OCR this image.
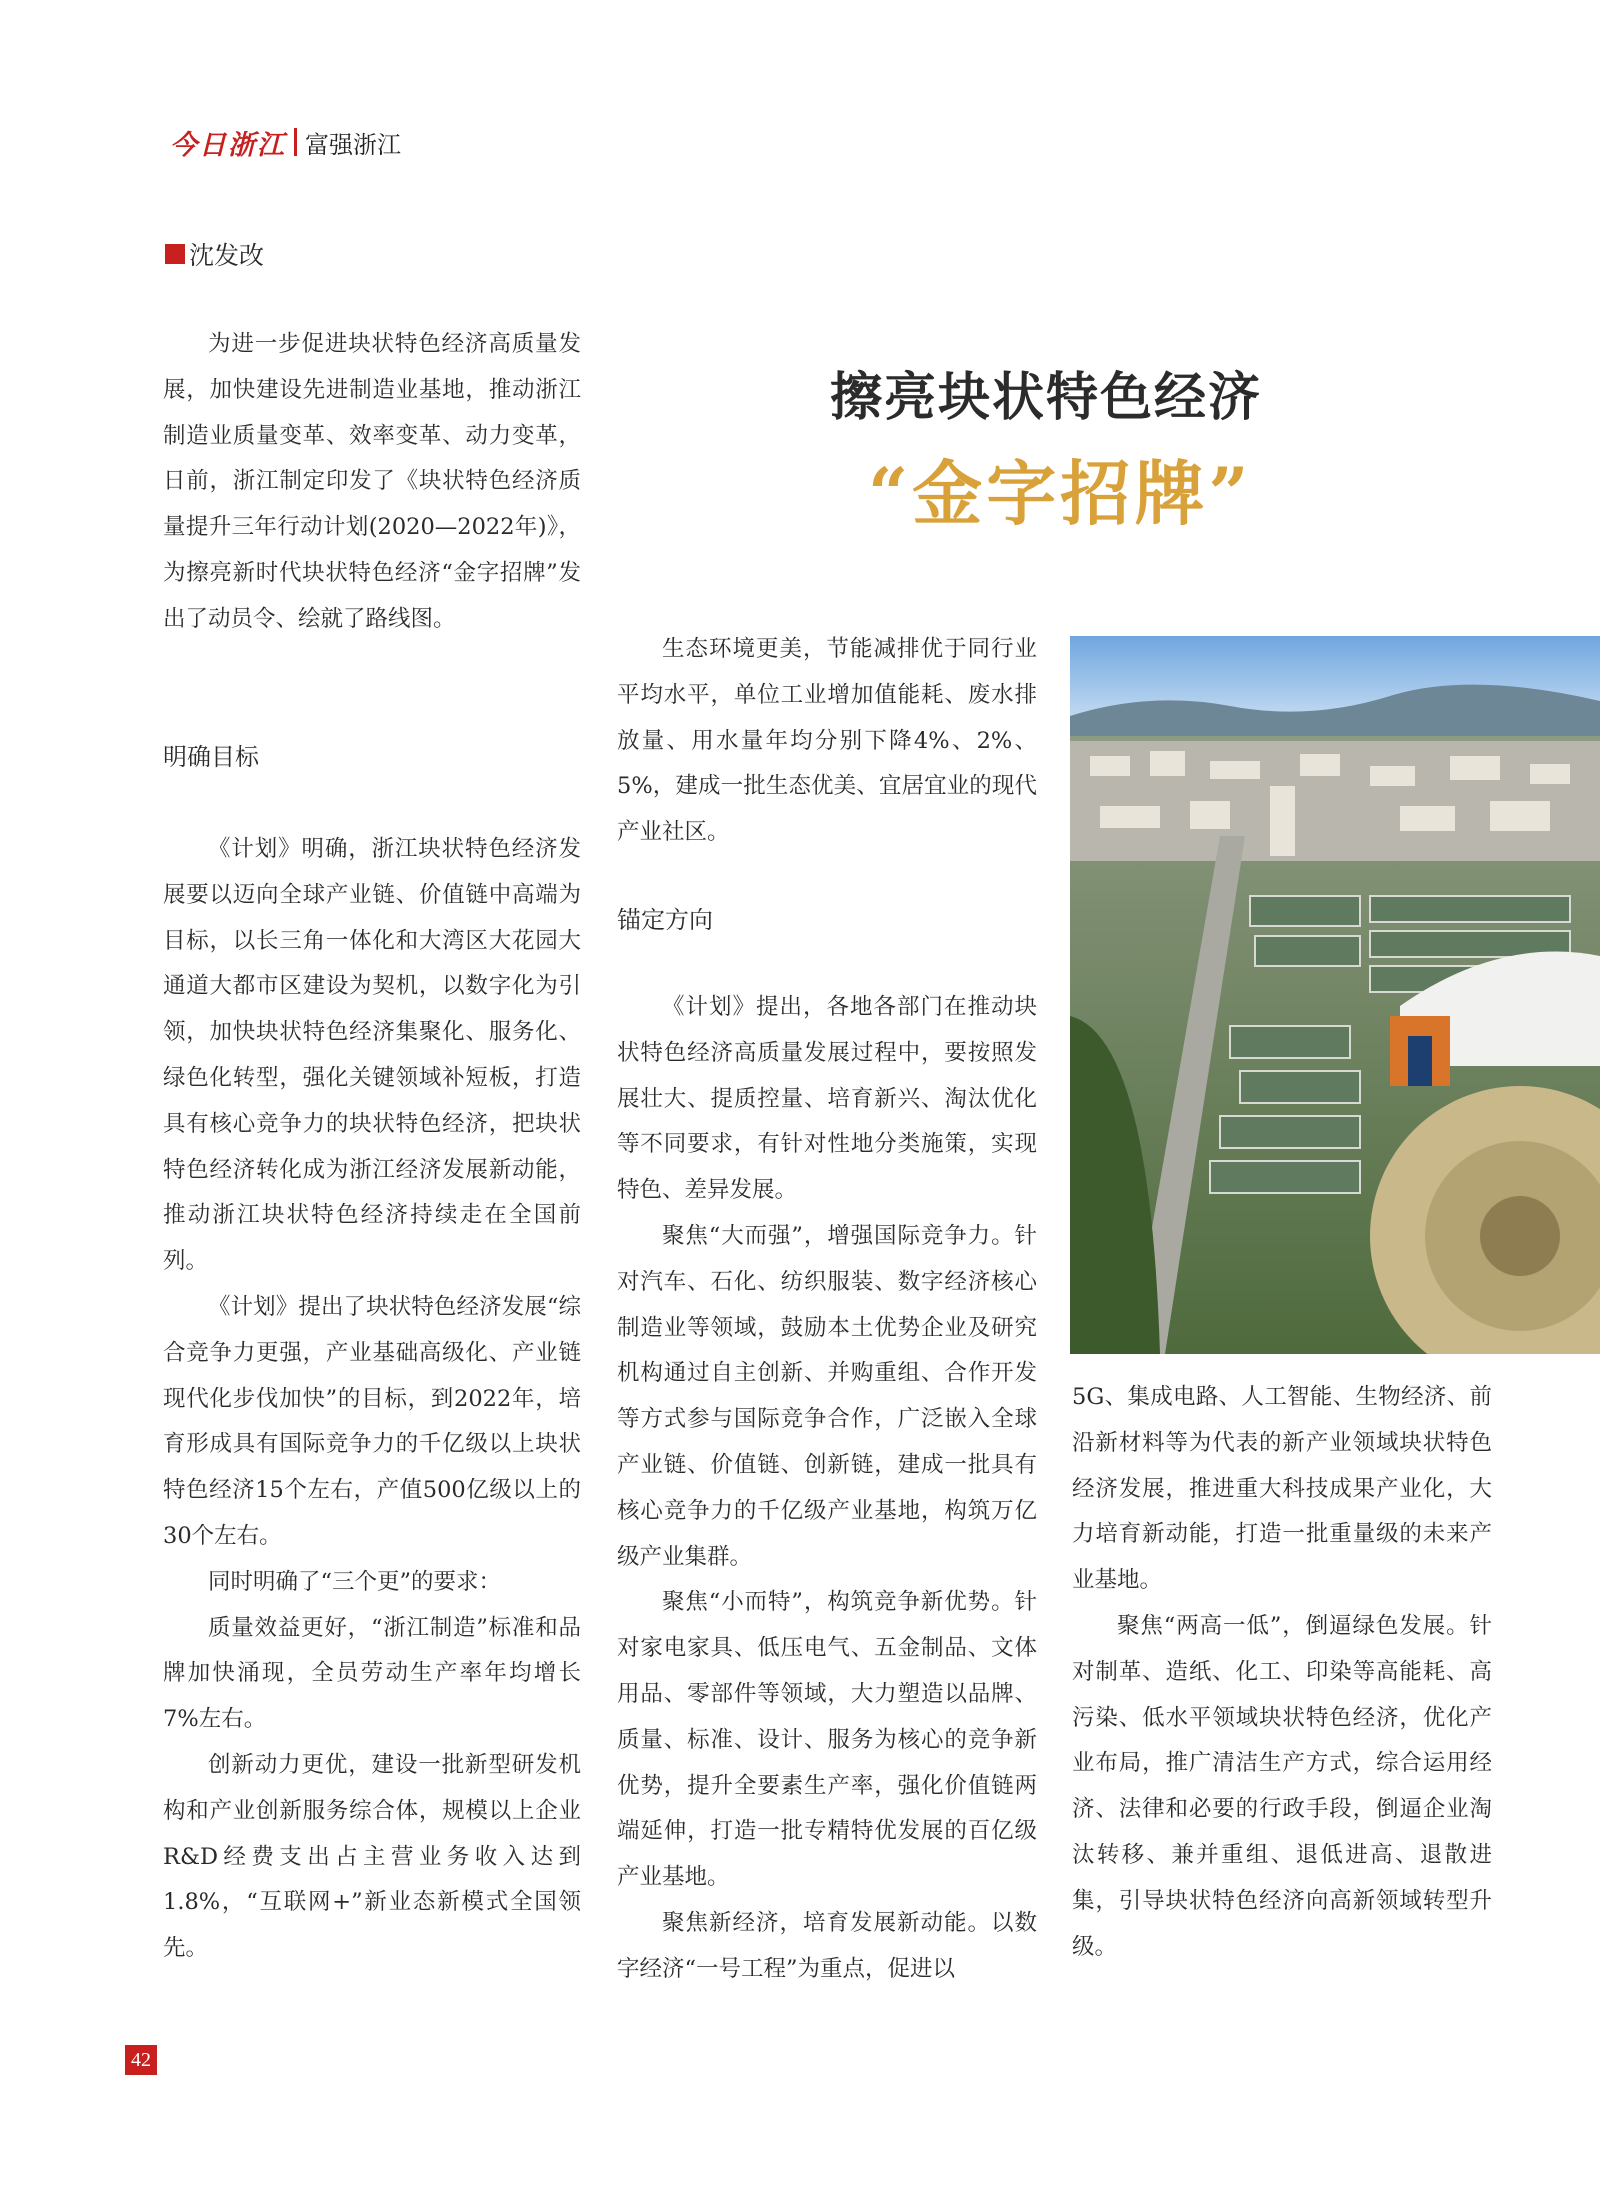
今日浙江 富强浙江
沈发改
擦亮块状特色经济
“金字招牌”

为进一步促进块状特色经济高质量发展，加快建设先进制造业基地，推动浙江制造业质量变革、效率变革、动力变革，日前，浙江制定印发了《块状特色经济质量提升三年行动计划(2020—2022年)》，为擦亮新时代块状特色经济“金字招牌”发出了动员令、绘就了路线图。

明确目标

《计划》明确，浙江块状特色经济发展要以迈向全球产业链、价值链中高端为目标，以长三角一体化和大湾区大花园大通道大都市区建设为契机，以数字化为引领，加快块状特色经济集聚化、服务化、绿色化转型，强化关键领域补短板，打造具有核心竞争力的块状特色经济，把块状特色经济转化成为浙江经济发展新动能，推动浙江块状特色经济持续走在全国前列。

《计划》提出了块状特色经济发展“综合竞争力更强，产业基础高级化、产业链现代化步伐加快”的目标，到2022年，培育形成具有国际竞争力的千亿级以上块状特色经济15个左右，产值500亿级以上的30个左右。

同时明确了“三个更”的要求：

质量效益更好，“浙江制造”标准和品牌加快涌现，全员劳动生产率年均增长7%左右。

创新动力更优，建设一批新型研发机构和产业创新服务综合体，规模以上企业R&D经费支出占主营业务收入达到1.8%，“互联网+”新业态新模式全国领先。

生态环境更美，节能减排优于同行业平均水平，单位工业增加值能耗、废水排放量、用水量年均分别下降4%、2%、5%，建成一批生态优美、宜居宜业的现代产业社区。

锚定方向

《计划》提出，各地各部门在推动块状特色经济高质量发展过程中，要按照发展壮大、提质控量、培育新兴、淘汰优化等不同要求，有针对性地分类施策，实现特色、差异发展。

聚焦“大而强”，增强国际竞争力。针对汽车、石化、纺织服装、数字经济核心制造业等领域，鼓励本土优势企业及研究机构通过自主创新、并购重组、合作开发等方式参与国际竞争合作，广泛嵌入全球产业链、价值链、创新链，建成一批具有核心竞争力的千亿级产业基地，构筑万亿级产业集群。

聚焦“小而特”，构筑竞争新优势。针对家电家具、低压电气、五金制品、文体用品、零部件等领域，大力塑造以品牌、质量、标准、设计、服务为核心的竞争新优势，提升全要素生产率，强化价值链两端延伸，打造一批专精特优发展的百亿级产业基地。

聚焦新经济，培育发展新动能。以数字经济“一号工程”为重点，促进以

5G、集成电路、人工智能、生物经济、前沿新材料等为代表的新产业领域块状特色经济发展，推进重大科技成果产业化，大力培育新动能，打造一批重量级的未来产业基地。

聚焦“两高一低”，倒逼绿色发展。针对制革、造纸、化工、印染等高能耗、高污染、低水平领域块状特色经济，优化产业布局，推广清洁生产方式，综合运用经济、法律和必要的行政手段，倒逼企业淘汰转移、兼并重组、退低进高、退散进集，引导块状特色经济向高新领域转型升级。

42
